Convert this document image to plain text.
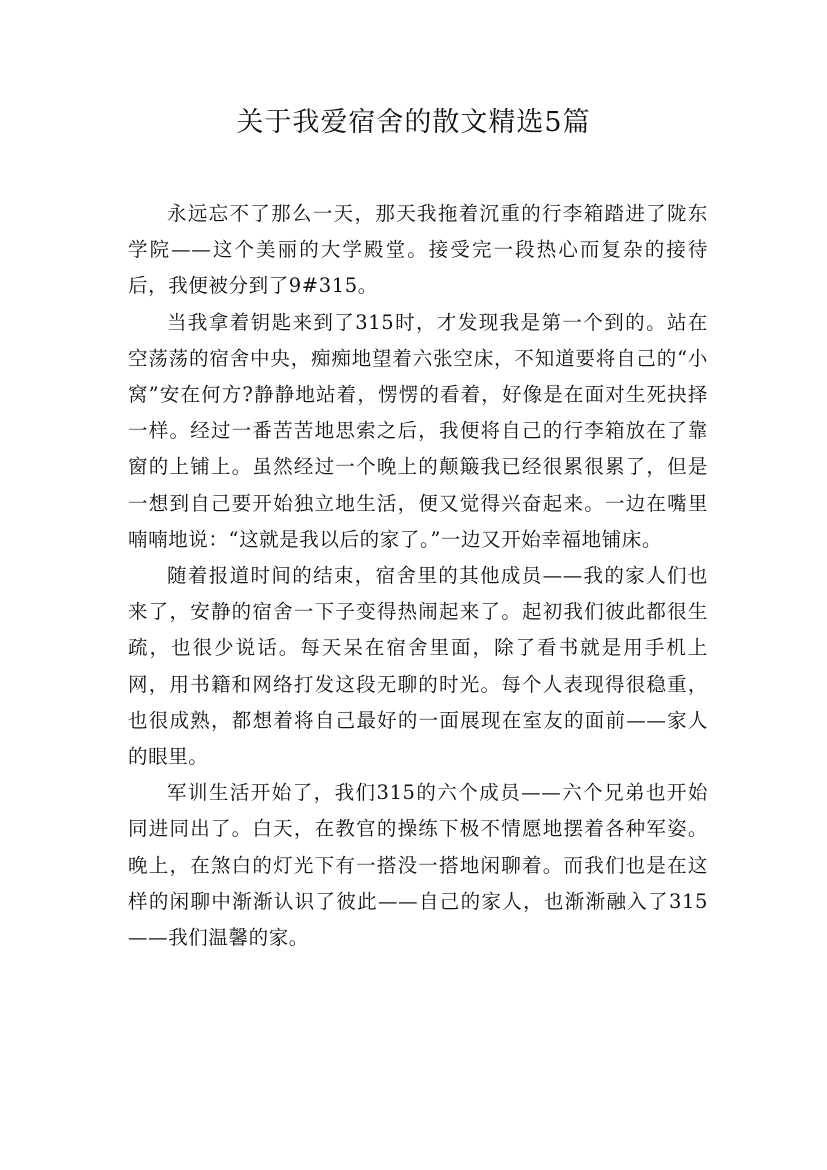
关于我爱宿舍的散文精选5篇

永远忘不了那么一天，那天我拖着沉重的行李箱踏进了陇东学院——这个美丽的大学殿堂。接受完一段热心而复杂的接待后，我便被分到了9#315。

当我拿着钥匙来到了315时，才发现我是第一个到的。站在空荡荡的宿舍中央，痴痴地望着六张空床，不知道要将自己的“小窝”安在何方?静静地站着，愣愣的看着，好像是在面对生死抉择一样。经过一番苦苦地思索之后，我便将自己的行李箱放在了靠窗的上铺上。虽然经过一个晚上的颠簸我已经很累很累了，但是一想到自己要开始独立地生活，便又觉得兴奋起来。一边在嘴里喃喃地说：“这就是我以后的家了。”一边又开始幸福地铺床。

随着报道时间的结束，宿舍里的其他成员——我的家人们也来了，安静的宿舍一下子变得热闹起来了。起初我们彼此都很生疏，也很少说话。每天呆在宿舍里面，除了看书就是用手机上网，用书籍和网络打发这段无聊的时光。每个人表现得很稳重，也很成熟，都想着将自己最好的一面展现在室友的面前——家人的眼里。

军训生活开始了，我们315的六个成员——六个兄弟也开始同进同出了。白天，在教官的操练下极不情愿地摆着各种军姿。晚上，在煞白的灯光下有一搭没一搭地闲聊着。而我们也是在这样的闲聊中渐渐认识了彼此——自己的家人，也渐渐融入了315——我们温馨的家。
